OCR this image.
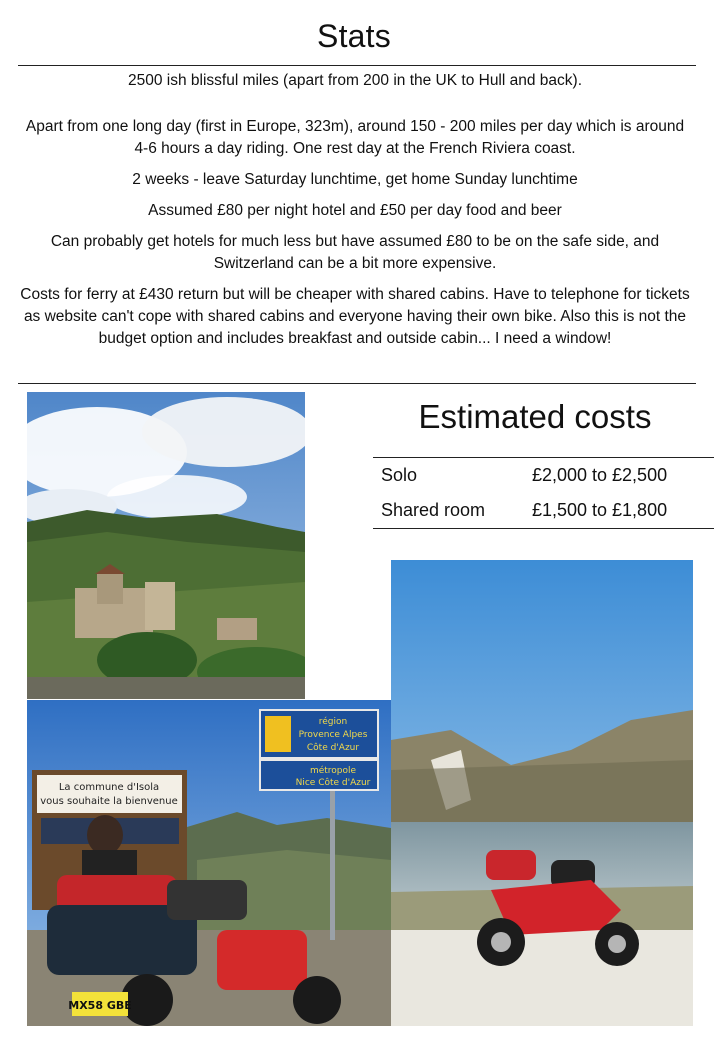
Stats

2500 ish blissful miles (apart from 200 in the UK to Hull and back).

Apart from one long day (first in Europe, 323m), around 150 - 200 miles per day which is around 4-6 hours a day riding. One rest day at the French Riviera coast.

2 weeks - leave Saturday lunchtime, get home Sunday lunchtime

Assumed £80 per night hotel and £50 per day food and beer

Can probably get hotels for much less but have assumed £80 to be on the safe side, and Switzerland can be a bit more expensive.

Costs for ferry at £430 return but will be cheaper with shared cabins. Have to telephone for tickets as website can't cope with shared cabins and everyone having their own bike. Also this is not the budget option and includes breakfast and outside cabin... I need a window!

Estimated costs
Solo	£2,000 to £2,500
Shared room	£1,500 to £1,800
La commune d'Isola
vous souhaite la bienvenue
région
Provence Alpes
Côte d'Azur
métropole
Nice Côte d'Azur
MX58 GBE
